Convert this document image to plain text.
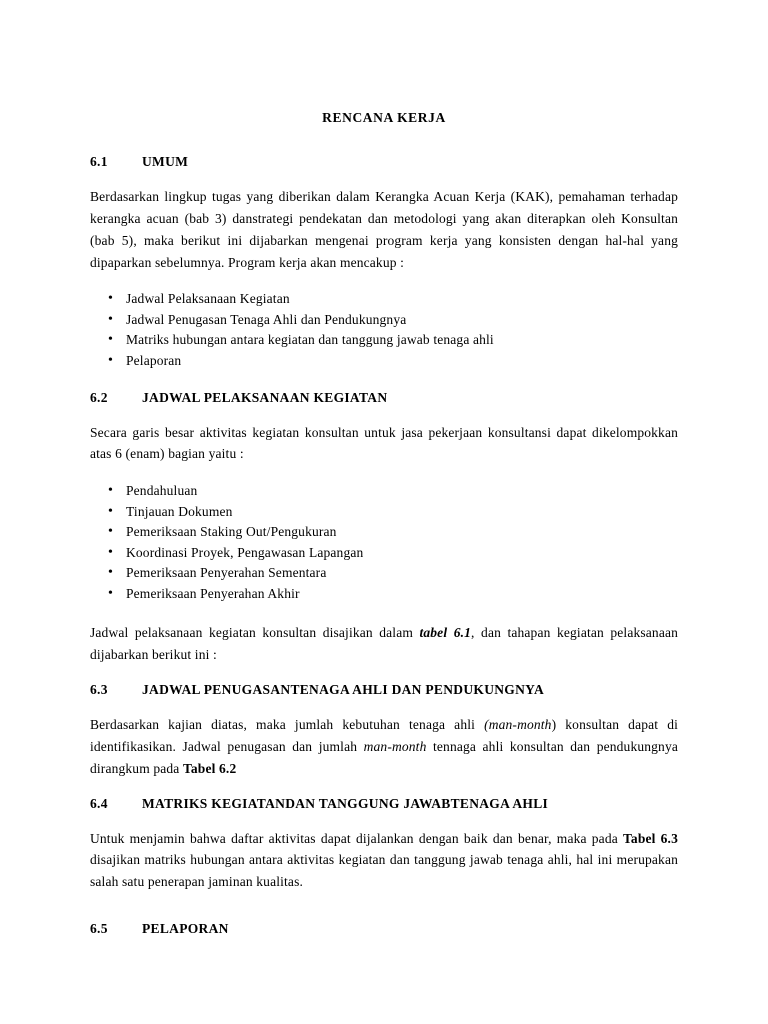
RENCANA KERJA
6.1	UMUM

Berdasarkan lingkup tugas yang diberikan dalam Kerangka Acuan Kerja (KAK), pemahaman terhadap kerangka acuan (bab 3) danstrategi pendekatan dan metodologi yang akan diterapkan oleh Konsultan (bab 5), maka berikut ini dijabarkan mengenai program kerja yang konsisten dengan hal-hal yang dipaparkan sebelumnya. Program kerja akan mencakup :

• Jadwal Pelaksanaan Kegiatan
• Jadwal Penugasan Tenaga Ahli dan Pendukungnya
• Matriks hubungan antara kegiatan dan tanggung jawab tenaga ahli
• Pelaporan
6.2	JADWAL PELAKSANAAN KEGIATAN

Secara garis besar aktivitas kegiatan konsultan untuk jasa pekerjaan konsultansi dapat dikelompokkan atas 6 (enam) bagian yaitu :

• Pendahuluan
• Tinjauan Dokumen
• Pemeriksaan Staking Out/Pengukuran
• Koordinasi Proyek, Pengawasan Lapangan
• Pemeriksaan Penyerahan Sementara
• Pemeriksaan Penyerahan Akhir

Jadwal pelaksanaan kegiatan konsultan disajikan dalam tabel 6.1, dan tahapan kegiatan pelaksanaan dijabarkan berikut ini :

6.3	JADWAL PENUGASANTENAGA AHLI DAN PENDUKUNGNYA

Berdasarkan kajian diatas, maka jumlah kebutuhan tenaga ahli (man-month) konsultan dapat di identifikasikan. Jadwal penugasan dan jumlah man-month tennaga ahli konsultan dan pendukungnya dirangkum pada Tabel 6.2

6.4	MATRIKS KEGIATANDAN TANGGUNG JAWABTENAGA AHLI

Untuk menjamin bahwa daftar aktivitas dapat dijalankan dengan baik dan benar, maka pada Tabel 6.3 disajikan matriks hubungan antara aktivitas kegiatan dan tanggung jawab tenaga ahli, hal ini merupakan salah satu penerapan jaminan kualitas.

6.5	PELAPORAN
